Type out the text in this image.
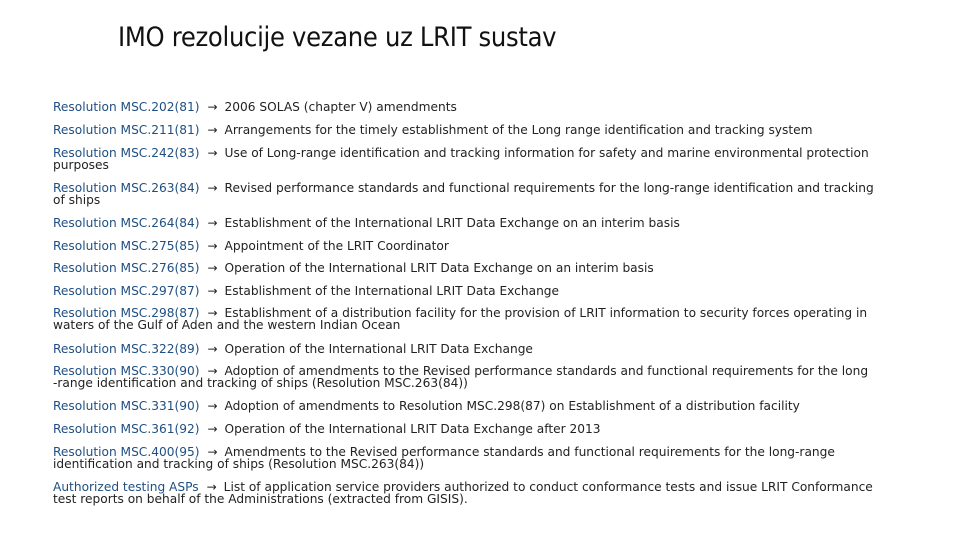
IMO rezolucije vezane uz LRIT sustav
Resolution MSC.202(81) → 2006 SOLAS (chapter V) amendments
Resolution MSC.211(81) → Arrangements for the timely establishment of the Long range identification and tracking system
Resolution MSC.242(83) → Use of Long-range identification and tracking information for safety and marine environmental protection
purposes
Resolution MSC.263(84) → Revised performance standards and functional requirements for the long-range identification and tracking
of ships
Resolution MSC.264(84) → Establishment of the International LRIT Data Exchange on an interim basis
Resolution MSC.275(85) → Appointment of the LRIT Coordinator
Resolution MSC.276(85) → Operation of the International LRIT Data Exchange on an interim basis
Resolution MSC.297(87) → Establishment of the International LRIT Data Exchange
Resolution MSC.298(87) → Establishment of a distribution facility for the provision of LRIT information to security forces operating in
waters of the Gulf of Aden and the western Indian Ocean
Resolution MSC.322(89) → Operation of the International LRIT Data Exchange
Resolution MSC.330(90) → Adoption of amendments to the Revised performance standards and functional requirements for the long
-range identification and tracking of ships (Resolution MSC.263(84))
Resolution MSC.331(90) → Adoption of amendments to Resolution MSC.298(87) on Establishment of a distribution facility
Resolution MSC.361(92) → Operation of the International LRIT Data Exchange after 2013
Resolution MSC.400(95) → Amendments to the Revised performance standards and functional requirements for the long-range
identification and tracking of ships (Resolution MSC.263(84))
Authorized testing ASPs → List of application service providers authorized to conduct conformance tests and issue LRIT Conformance
test reports on behalf of the Administrations (extracted from GISIS).
